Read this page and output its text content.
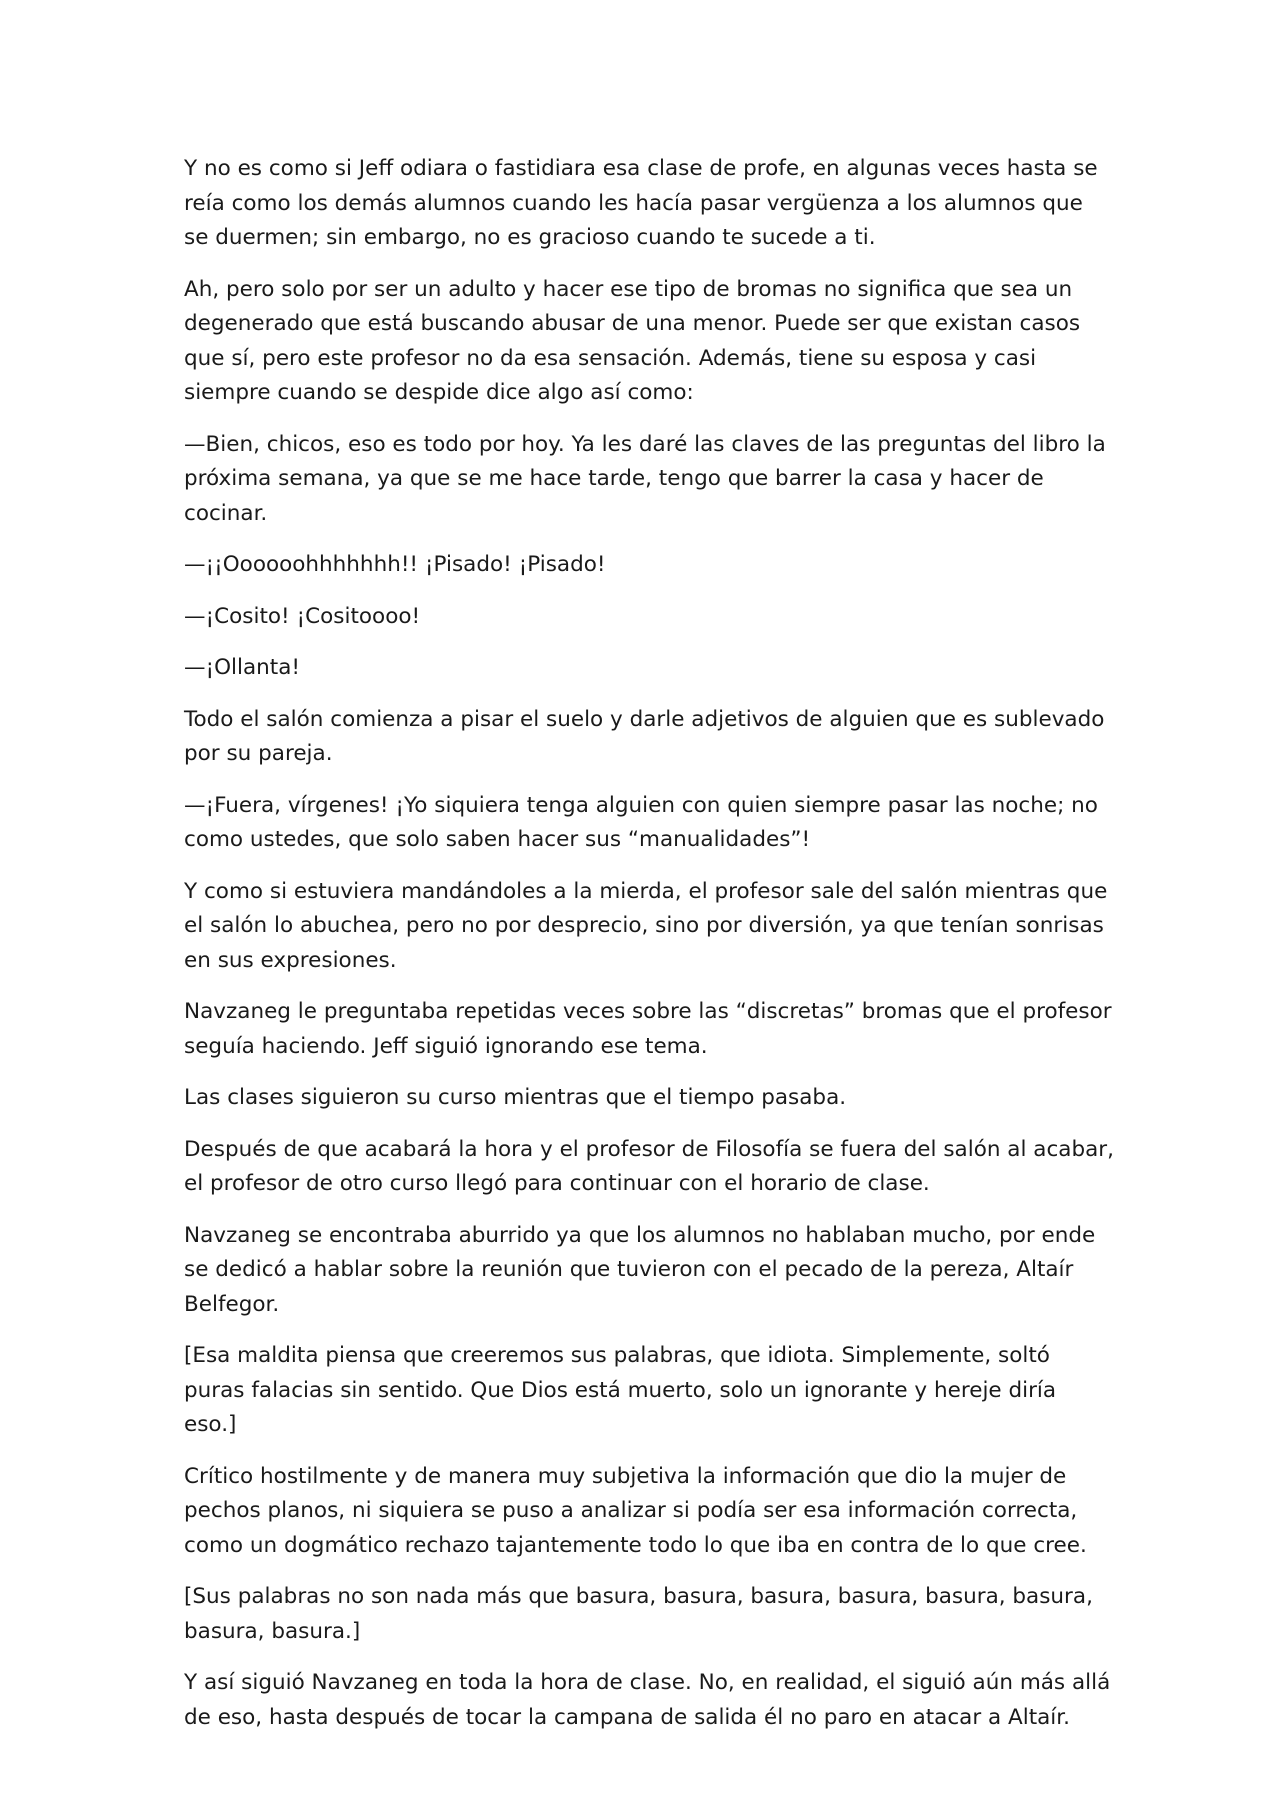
Y no es como si Jeff odiara o fastidiara esa clase de profe, en algunas veces hasta se reía como los demás alumnos cuando les hacía pasar vergüenza a los alumnos que se duermen; sin embargo, no es gracioso cuando te sucede a ti.

Ah, pero solo por ser un adulto y hacer ese tipo de bromas no significa que sea un degenerado que está buscando abusar de una menor. Puede ser que existan casos que sí, pero este profesor no da esa sensación. Además, tiene su esposa y casi siempre cuando se despide dice algo así como:

—Bien, chicos, eso es todo por hoy. Ya les daré las claves de las preguntas del libro la próxima semana, ya que se me hace tarde, tengo que barrer la casa y hacer de cocinar.

—¡¡Oooooohhhhhhh!! ¡Pisado! ¡Pisado!

—¡Cosito! ¡Cositoooo!

—¡Ollanta!

Todo el salón comienza a pisar el suelo y darle adjetivos de alguien que es sublevado por su pareja.

—¡Fuera, vírgenes! ¡Yo siquiera tenga alguien con quien siempre pasar las noche; no como ustedes, que solo saben hacer sus “manualidades”!

Y como si estuviera mandándoles a la mierda, el profesor sale del salón mientras que el salón lo abuchea, pero no por desprecio, sino por diversión, ya que tenían sonrisas en sus expresiones.

Navzaneg le preguntaba repetidas veces sobre las “discretas” bromas que el profesor seguía haciendo. Jeff siguió ignorando ese tema.

Las clases siguieron su curso mientras que el tiempo pasaba.

Después de que acabará la hora y el profesor de Filosofía se fuera del salón al acabar, el profesor de otro curso llegó para continuar con el horario de clase.

Navzaneg se encontraba aburrido ya que los alumnos no hablaban mucho, por ende se dedicó a hablar sobre la reunión que tuvieron con el pecado de la pereza, Altaír Belfegor.

[Esa maldita piensa que creeremos sus palabras, que idiota. Simplemente, soltó puras falacias sin sentido. Que Dios está muerto, solo un ignorante y hereje diría eso.]

Crítico hostilmente y de manera muy subjetiva la información que dio la mujer de pechos planos, ni siquiera se puso a analizar si podía ser esa información correcta, como un dogmático rechazo tajantemente todo lo que iba en contra de lo que cree.

[Sus palabras no son nada más que basura, basura, basura, basura, basura, basura, basura, basura.]

Y así siguió Navzaneg en toda la hora de clase. No, en realidad, el siguió aún más allá de eso, hasta después de tocar la campana de salida él no paro en atacar a Altaír.
